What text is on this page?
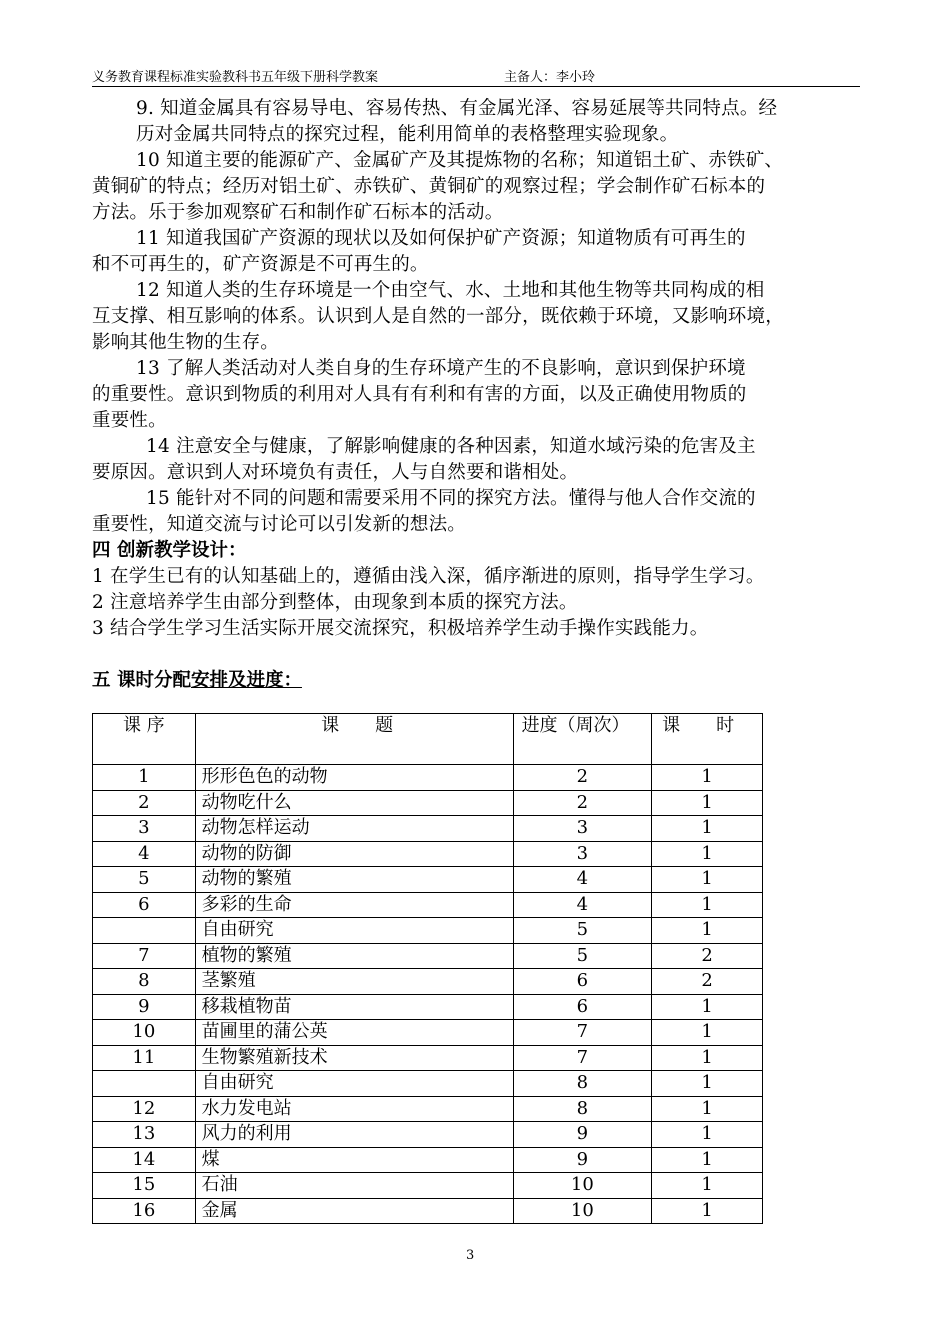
义务教育课程标准实验教科书五年级下册科学教案	主备人：李小玲

9. 知道金属具有容易导电、容易传热、有金属光泽、容易延展等共同特点。经

历对金属共同特点的探究过程，能利用简单的表格整理实验现象。

10 知道主要的能源矿产、金属矿产及其提炼物的名称；知道铝土矿、赤铁矿、

黄铜矿的特点；经历对铝土矿、赤铁矿、黄铜矿的观察过程；学会制作矿石标本的

方法。乐于参加观察矿石和制作矿石标本的活动。

11 知道我国矿产资源的现状以及如何保护矿产资源；知道物质有可再生的

和不可再生的，矿产资源是不可再生的。

12 知道人类的生存环境是一个由空气、水、土地和其他生物等共同构成的相

互支撑、相互影响的体系。认识到人是自然的一部分，既依赖于环境，又影响环境，

影响其他生物的生存。

13 了解人类活动对人类自身的生存环境产生的不良影响，意识到保护环境

的重要性。意识到物质的利用对人具有有利和有害的方面，以及正确使用物质的

重要性。

14 注意安全与健康，了解影响健康的各种因素，知道水域污染的危害及主

要原因。意识到人对环境负有责任，人与自然要和谐相处。

15 能针对不同的问题和需要采用不同的探究方法。懂得与他人合作交流的

重要性，知道交流与讨论可以引发新的想法。

四 创新教学设计：

1 在学生已有的认知基础上的，遵循由浅入深，循序渐进的原则，指导学生学习。

2 注意培养学生由部分到整体，由现象到本质的探究方法。

3 结合学生学习生活实际开展交流探究，积极培养学生动手操作实践能力。

五 课时分配安排及进度：
课 序	课　　题	进度（周次）	课　　时
1	形形色色的动物	2	1
2	动物吃什么	2	1
3	动物怎样运动	3	1
4	动物的防御	3	1
5	动物的繁殖	4	1
6	多彩的生命	4	1
	自由研究	5	1
7	植物的繁殖	5	2
8	茎繁殖	6	2
9	移栽植物苗	6	1
10	苗圃里的蒲公英	7	1
11	生物繁殖新技术	7	1
	自由研究	8	1
12	水力发电站	8	1
13	风力的利用	9	1
14	煤	9	1
15	石油	10	1
16	金属	10	1
3
